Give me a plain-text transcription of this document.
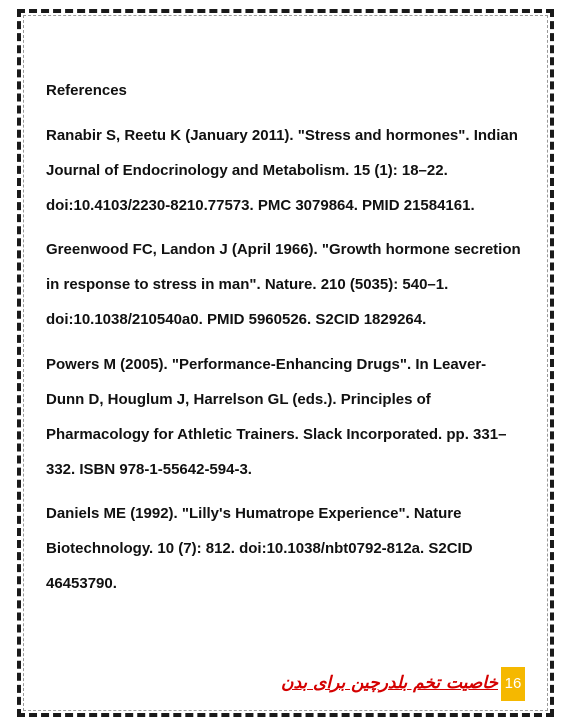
References

Ranabir S, Reetu K (January 2011). "Stress and hormones". Indian Journal of Endocrinology and Metabolism. 15 (1): 18–22. doi:10.4103/2230-8210.77573. PMC 3079864. PMID 21584161.

Greenwood FC, Landon J (April 1966). "Growth hormone secretion in response to stress in man". Nature. 210 (5035): 540–1. doi:10.1038/210540a0. PMID 5960526. S2CID 1829264.

Powers M (2005). "Performance-Enhancing Drugs". In Leaver-Dunn D, Houglum J, Harrelson GL (eds.). Principles of Pharmacology for Athletic Trainers. Slack Incorporated. pp. 331–332. ISBN 978-1-55642-594-3.

Daniels ME (1992). "Lilly's Humatrope Experience". Nature Biotechnology. 10 (7): 812. doi:10.1038/nbt0792-812a. S2CID 46453790.

خاصیت تخم بلدرچین برای بدن 16
